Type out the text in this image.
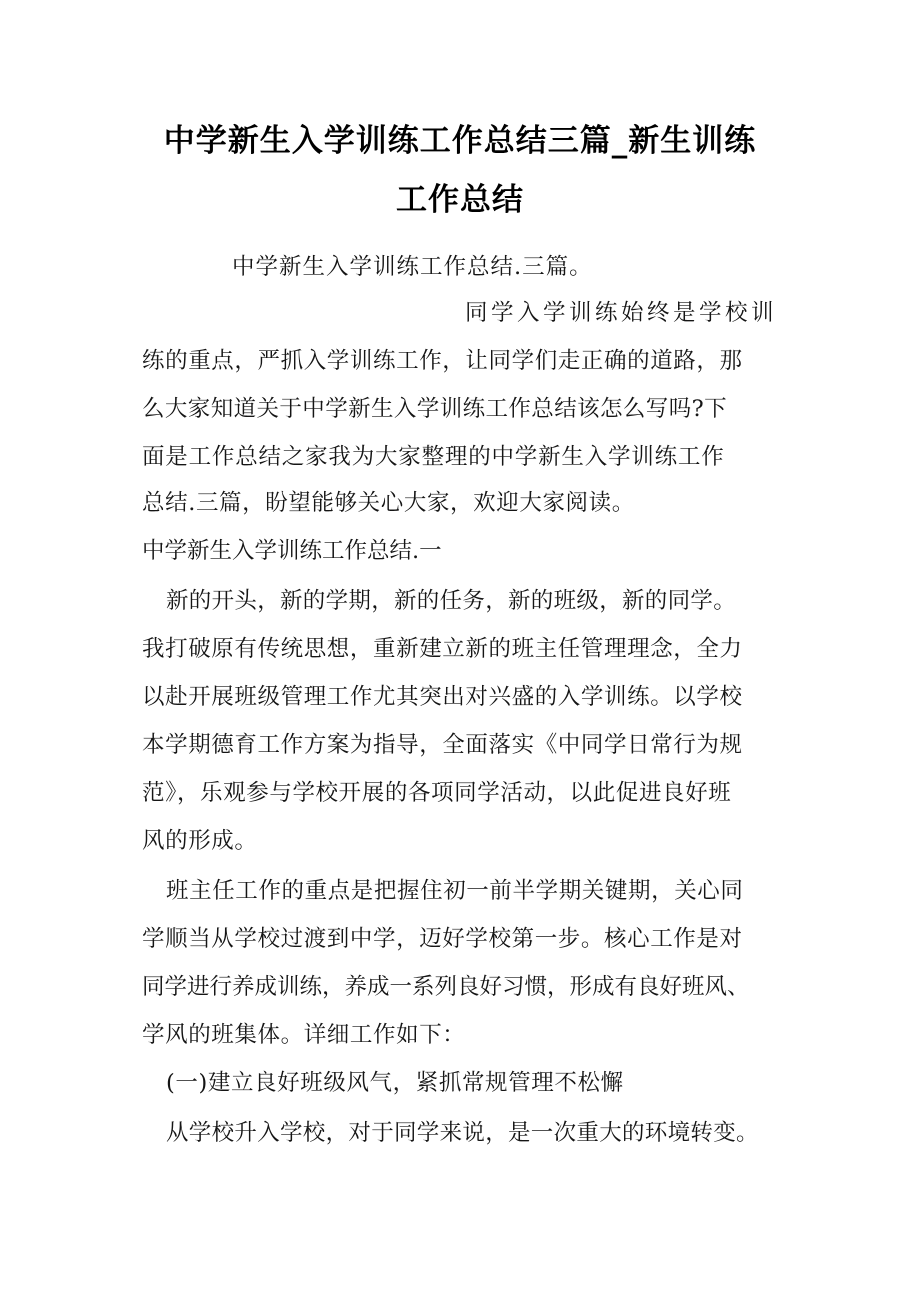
中学新生入学训练工作总结三篇_新生训练
工作总结
中学新生入学训练工作总结.三篇。
同学入学训练始终是学校训
练的重点，严抓入学训练工作，让同学们走正确的道路，那
么大家知道关于中学新生入学训练工作总结该怎么写吗?下
面是工作总结之家我为大家整理的中学新生入学训练工作
总结.三篇，盼望能够关心大家，欢迎大家阅读。
中学新生入学训练工作总结.一
新的开头，新的学期，新的任务，新的班级，新的同学。
我打破原有传统思想，重新建立新的班主任管理理念，全力
以赴开展班级管理工作尤其突出对兴盛的入学训练。以学校
本学期德育工作方案为指导，全面落实《中同学日常行为规
范》，乐观参与学校开展的各项同学活动，以此促进良好班
风的形成。
班主任工作的重点是把握住初一前半学期关键期，关心同
学顺当从学校过渡到中学，迈好学校第一步。核心工作是对
同学进行养成训练，养成一系列良好习惯，形成有良好班风、
学风的班集体。详细工作如下：
(一)建立良好班级风气，紧抓常规管理不松懈
从学校升入学校，对于同学来说，是一次重大的环境转变。
